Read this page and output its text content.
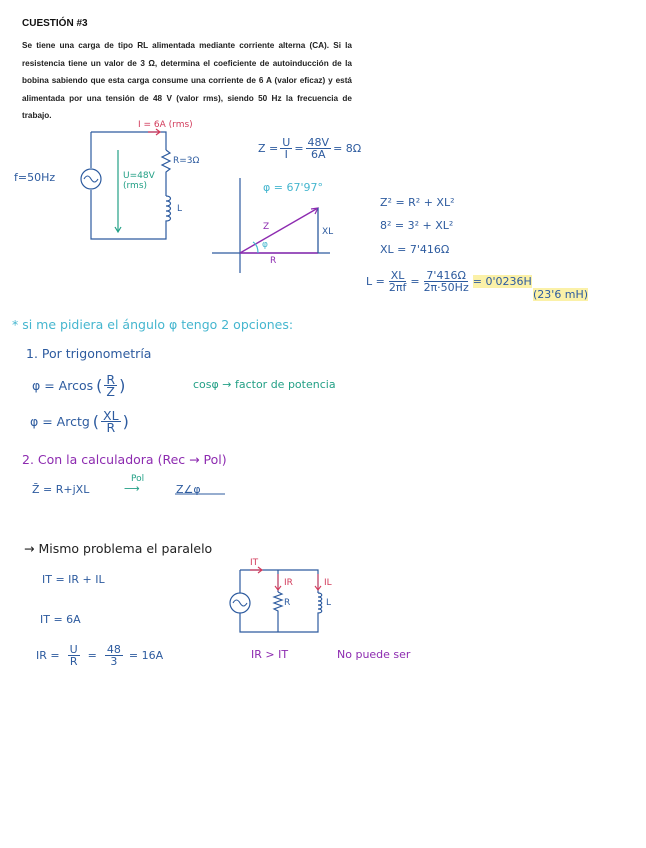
CUESTIÓN #3
Se tiene una carga de tipo RL alimentada mediante corriente alterna (CA). Si la resistencia tiene un valor de 3 Ω, determina el coeficiente de autoinducción de la bobina sabiendo que esta carga consume una corriente de 6 A (valor eficaz) y está alimentada por una tensión de 48 V (valor rms), siendo 50 Hz la frecuencia de trabajo.
I = 6A (rms)
f=50Hz	U=48V
(rms)
R=3Ω
L
$Z = \frac{U}{I} = \frac{48V}{6A} = 8\Omega$
φ = 67'97°
Z	XL
R
φ
Z² = R² + XL²
8² = 3² + XL²
XL = 7'416Ω
$L = \frac{XL}{2\pi f} = \frac{7'416\Omega}{2\pi\cdot 50Hz} = 0'0236H$
(23'6 mH)
* si me pidiera el ángulo φ tengo 2 opciones:
1. Por trigonometría
φ = Arcos ( $\frac{R}{Z}$ )	cosφ → factor de potencia
φ = Arctg ( $\frac{XL}{R}$ )
2. Con la calculadora (Rec → Pol)
Z̄ = R+jXL
Pol
⟶	Z∠φ
→ Mismo problema el paralelo
IT = IR + IL
IT = 6A
IR = $\frac{U}{R} = \frac{48}{3} = 16A$	IR > IT	No puede ser
IT
IR	IL
R	L
